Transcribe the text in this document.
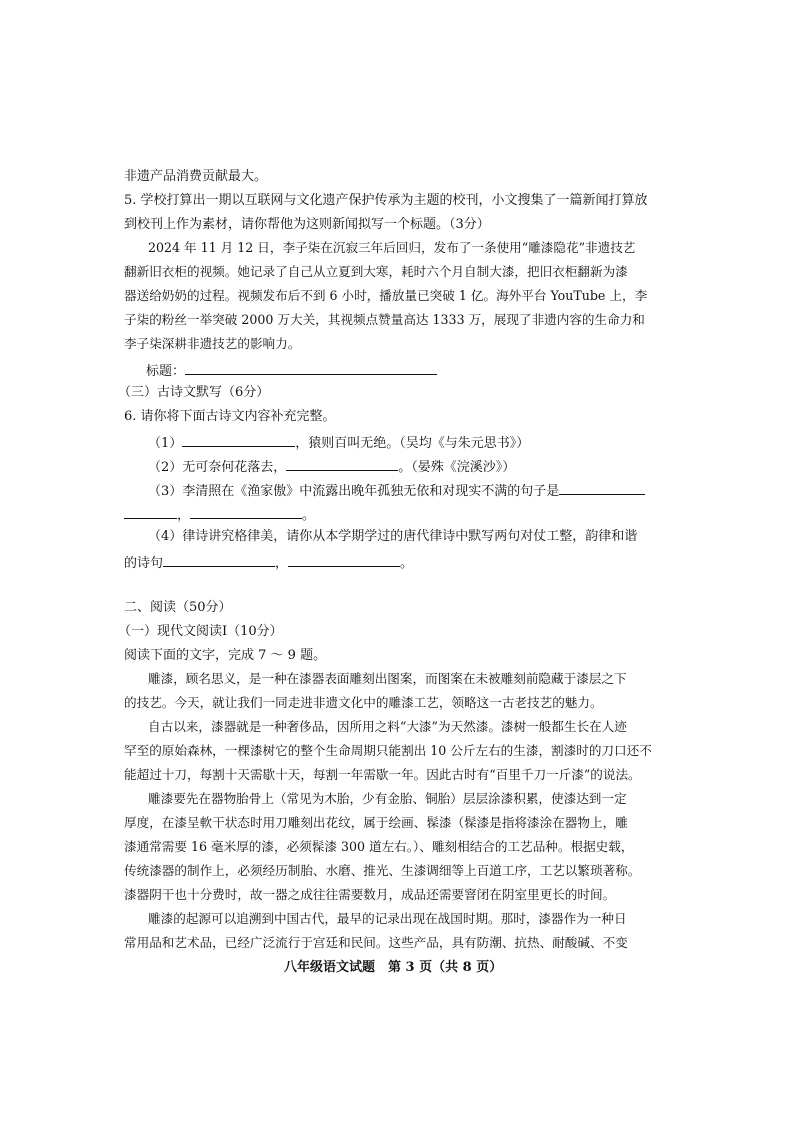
非遗产品消费贡献最大。
5. 学校打算出一期以互联网与文化遗产保护传承为主题的校刊，小文搜集了一篇新闻打算放
到校刊上作为素材，请你帮他为这则新闻拟写一个标题。（3分）
2024 年 11 月 12 日，李子柒在沉寂三年后回归，发布了一条使用“雕漆隐花”非遗技艺
翻新旧衣柜的视频。她记录了自己从立夏到大寒，耗时六个月自制大漆，把旧衣柜翻新为漆
器送给奶奶的过程。视频发布后不到 6 小时，播放量已突破 1 亿。海外平台 YouTube 上，李
子柒的粉丝一举突破 2000 万大关，其视频点赞量高达 1333 万，展现了非遗内容的生命力和
李子柒深耕非遗技艺的影响力。
标题：
（三）古诗文默写（6分）
6. 请你将下面古诗文内容补充完整。
（1）	，猿则百叫无绝。（吴均《与朱元思书》）
（2）无可奈何花落去，	。（晏殊《浣溪沙》）
（3）李清照在《渔家傲》中流露出晚年孤独无依和对现实不满的句子是
，	。
（4）律诗讲究格律美，请你从本学期学过的唐代律诗中默写两句对仗工整，韵律和谐
的诗句	，	。
二、阅读（50分）
（一）现代文阅读Ⅰ（10分）
阅读下面的文字，完成 7 ～ 9 题。
雕漆，顾名思义，是一种在漆器表面雕刻出图案，而图案在未被雕刻前隐藏于漆层之下
的技艺。今天，就让我们一同走进非遗文化中的雕漆工艺，领略这一古老技艺的魅力。
自古以来，漆器就是一种奢侈品，因所用之料“大漆”为天然漆。漆树一般都生长在人迹
罕至的原始森林，一棵漆树它的整个生命周期只能割出 10 公斤左右的生漆，割漆时的刀口还不
能超过十刀，每割十天需歇十天，每割一年需歇一年。因此古时有“百里千刀一斤漆”的说法。
雕漆要先在器物胎骨上（常见为木胎，少有金胎、铜胎）层层涂漆积累，使漆达到一定
厚度，在漆呈軟干状态时用刀雕刻出花纹，属于绘画、髹漆（髹漆是指将漆涂在器物上，雕
漆通常需要 16 毫米厚的漆，必须髹漆 300 道左右。）、雕刻相结合的工艺品种。根据史载，
传统漆器的制作上，必须经历制胎、水磨、推光、生漆调细等上百道工序，工艺以繁琐著称。
漆器阴干也十分费时，故一器之成往往需要数月，成品还需要窨闭在阴室里更长的时间。
雕漆的起源可以追溯到中国古代，最早的记录出现在战国时期。那时，漆器作为一种日
常用品和艺术品，已经广泛流行于宫廷和民间。这些产品，具有防潮、抗热、耐酸碱、不变
八年级语文试题　第 3 页（共 8 页）
